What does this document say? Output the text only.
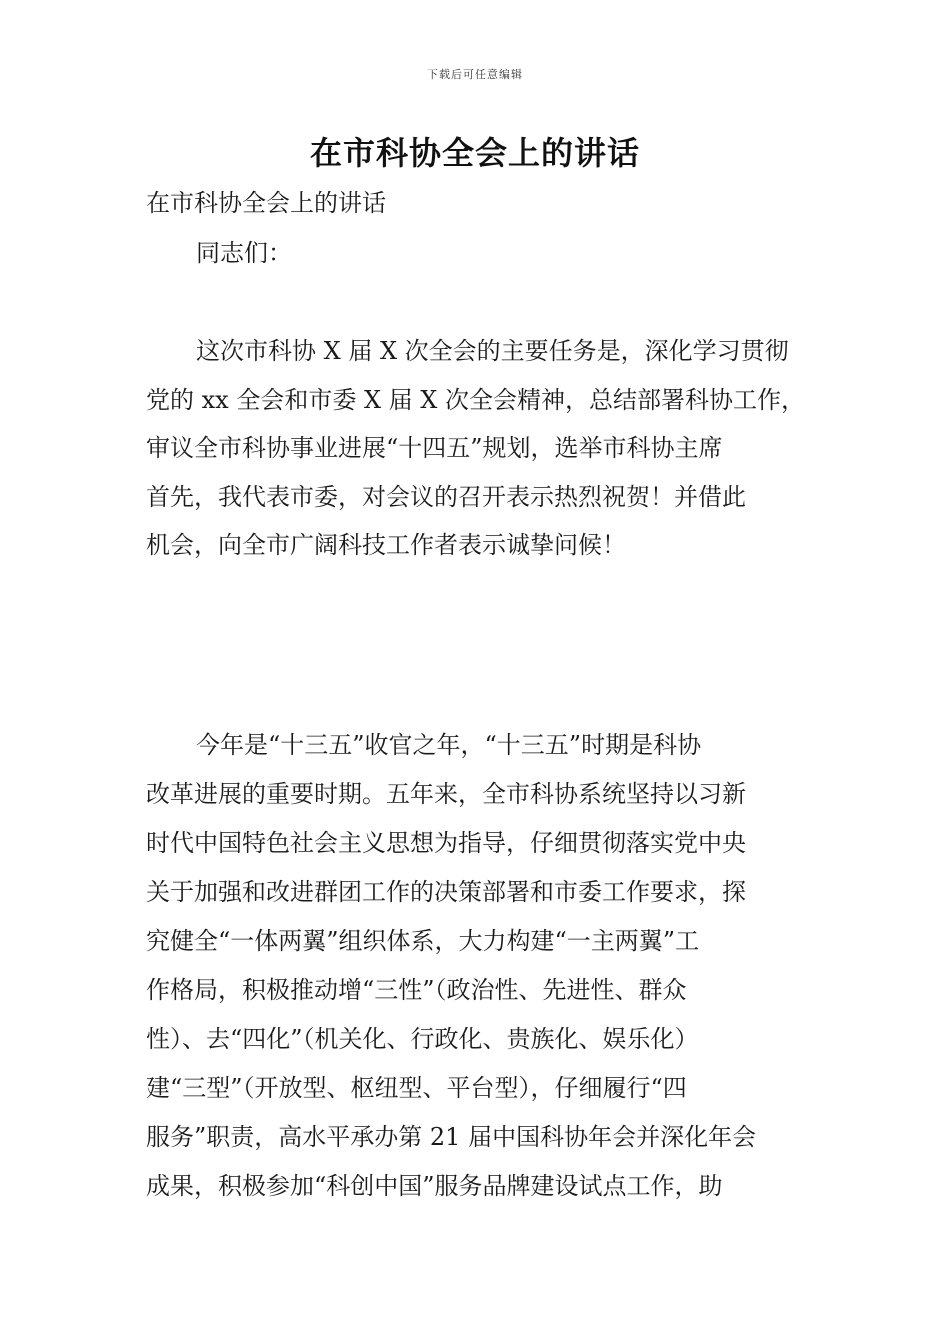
下载后可任意编辑
在市科协全会上的讲话

在市科协全会上的讲话

同志们：

这次市科协 X 届 X 次全会的主要任务是，深化学习贯彻
党的 xx 全会和市委 X 届 X 次全会精神，总结部署科协工作，
审议全市科协事业进展“十四五”规划，选举市科协主席
首先，我代表市委，对会议的召开表示热烈祝贺！并借此
机会，向全市广阔科技工作者表示诚挚问候！
今年是“十三五”收官之年，“十三五”时期是科协
改革进展的重要时期。五年来，全市科协系统坚持以习新
时代中国特色社会主义思想为指导，仔细贯彻落实党中央
关于加强和改进群团工作的决策部署和市委工作要求，探
究健全“一体两翼”组织体系，大力构建“一主两翼”工
作格局，积极推动增“三性”（政治性、先进性、群众
性）、去“四化”（机关化、行政化、贵族化、娱乐化）
建“三型”（开放型、枢纽型、平台型），仔细履行“四
服务”职责，高水平承办第 21 届中国科协年会并深化年会
成果，积极参加“科创中国”服务品牌建设试点工作，助
